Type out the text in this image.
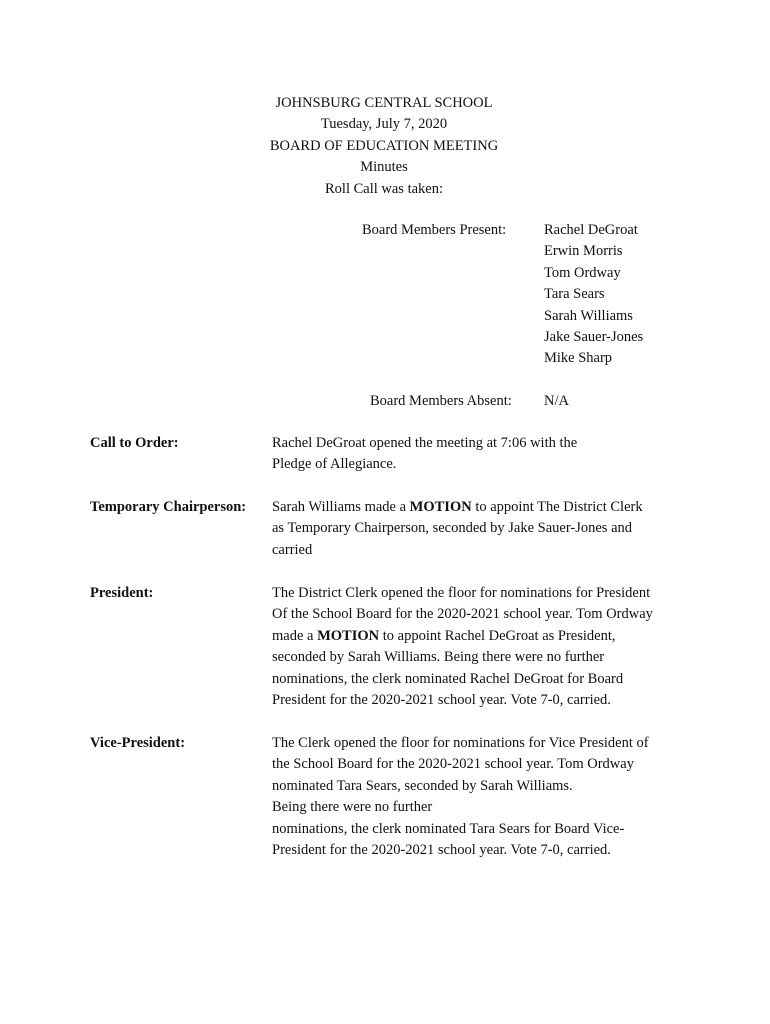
JOHNSBURG CENTRAL SCHOOL
Tuesday, July 7, 2020
BOARD OF EDUCATION MEETING
Minutes
Roll Call was taken:
Board Members Present:	Rachel DeGroat
Erwin Morris
Tom Ordway
Tara Sears
Sarah Williams
Jake Sauer-Jones
Mike Sharp
Board Members Absent: N/A
Call to Order:	Rachel DeGroat opened the meeting at 7:06 with the
Pledge of Allegiance.
Temporary Chairperson: Sarah Williams made a MOTION to appoint The District Clerk
as Temporary Chairperson, seconded by Jake Sauer-Jones and
carried
President:	The District Clerk opened the floor for nominations for President
Of the School Board for the 2020-2021 school year. Tom Ordway
made a MOTION to appoint Rachel DeGroat as President,
seconded by Sarah Williams. Being there were no further
nominations, the clerk nominated Rachel DeGroat for Board
President for the 2020-2021 school year. Vote 7-0, carried.
Vice-President:	The Clerk opened the floor for nominations for Vice President of
the School Board for the 2020-2021 school year. Tom Ordway
nominated Tara Sears, seconded by Sarah Williams.
Being there were no further
nominations, the clerk nominated Tara Sears for Board Vice-
President for the 2020-2021 school year. Vote 7-0, carried.
